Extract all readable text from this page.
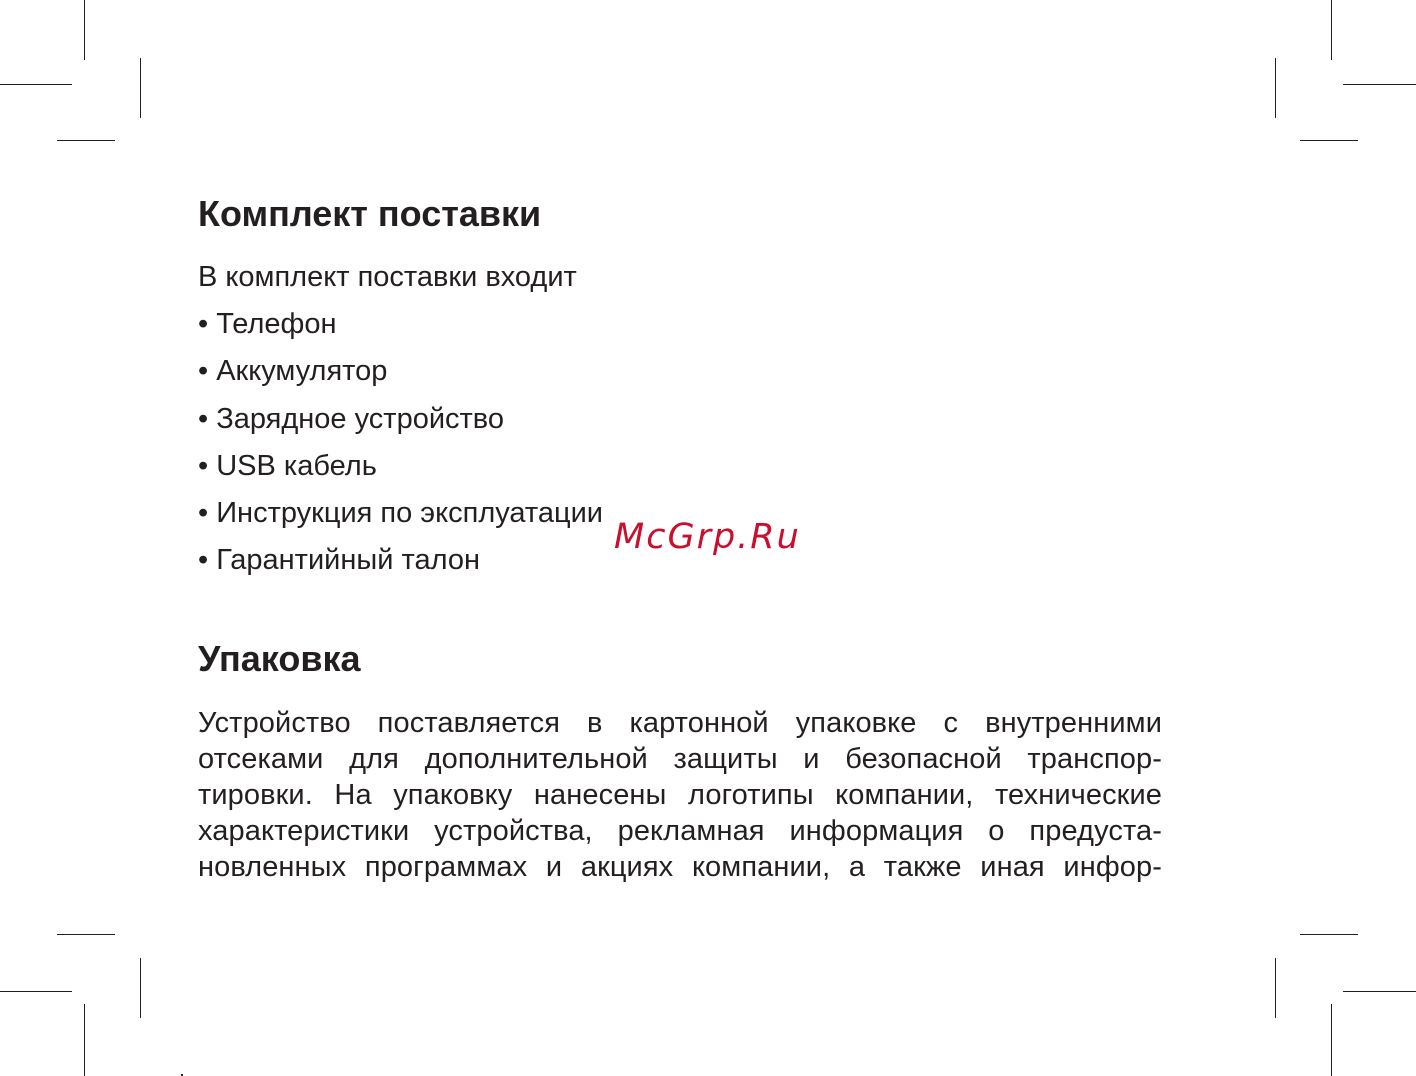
Комплект поставки

В комплект поставки входит

• Телефон
• Аккумулятор
• Зарядное устройство
• USB кабель
• Инструкция по эксплуатации
• Гарантийный талон
Упаковка
Устройство поставляется в картонной упаковке с внутренними
отсеками для дополнительной защиты и безопасной транспор-
тировки. На упаковку нанесены логотипы компании, технические
характеристики устройства, рекламная информация о предуста-
новленных программах и акциях компании, а также иная инфор-
McGrp.Ru
